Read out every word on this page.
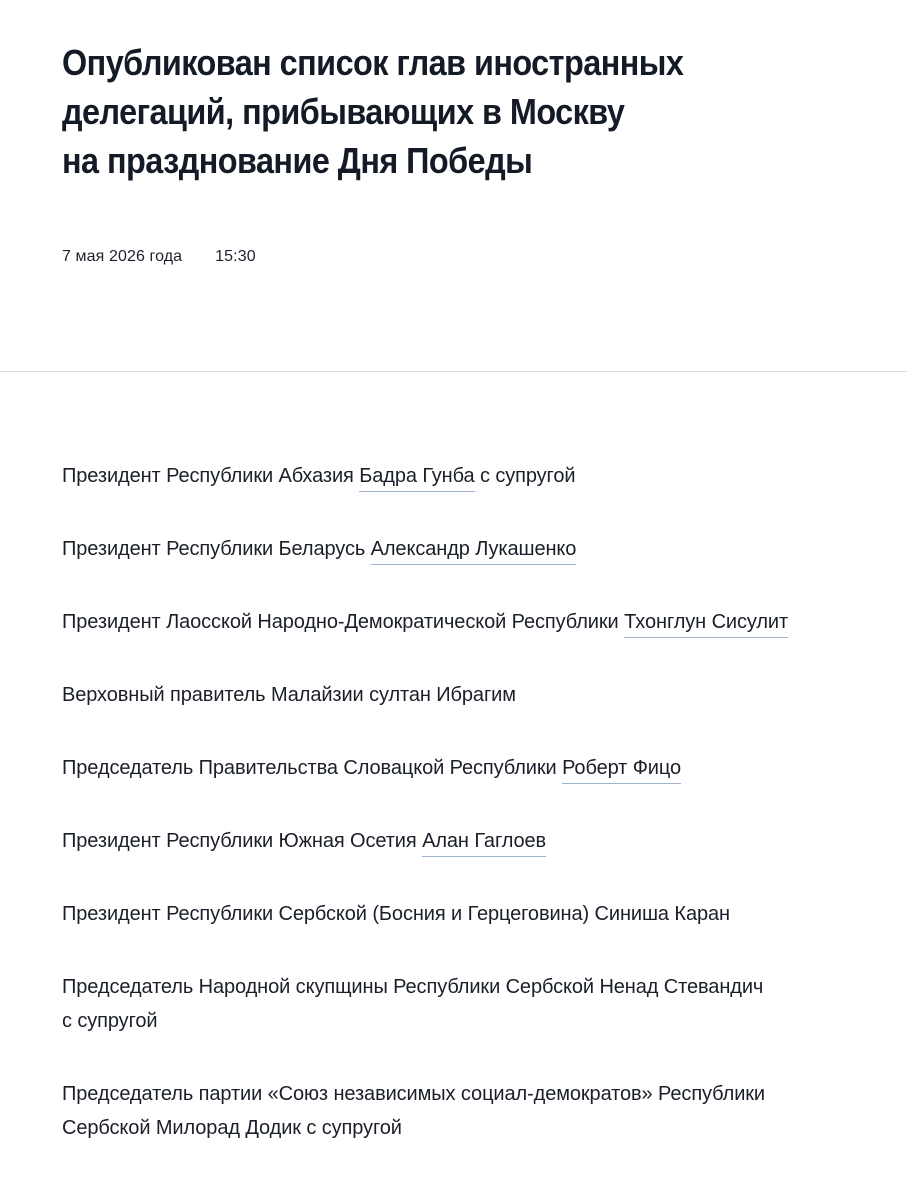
Опубликован список глав иностранных
делегаций, прибывающих в Москву
на празднование Дня Победы
7 мая 2026 года 15:30
Президент Республики Абхазия Бадра Гунба с супругой
Президент Республики Беларусь Александр Лукашенко
Президент Лаосской Народно-Демократической Республики Тхонглун Сисулит
Верховный правитель Малайзии султан Ибрагим
Председатель Правительства Словацкой Республики Роберт Фицо
Президент Республики Южная Осетия Алан Гаглоев
Президент Республики Сербской (Босния и Герцеговина) Синиша Каран
Председатель Народной скупщины Республики Сербской Ненад Стевандич
с супругой
Председатель партии «Союз независимых социал-демократов» Республики
Сербской Милорад Додик с супругой
